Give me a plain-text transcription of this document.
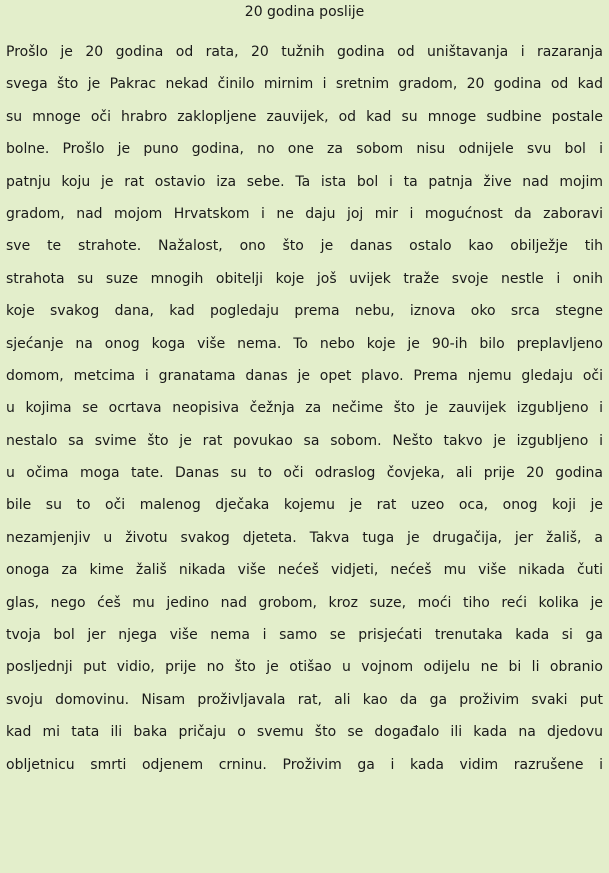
20 godina poslije
Prošlo je 20 godina od rata, 20 tužnih godina od uništavanja i razaranja
svega što je Pakrac nekad činilo mirnim i sretnim gradom, 20 godina od kad
su mnoge oči hrabro zaklopljene zauvijek, od kad su mnoge sudbine postale
bolne. Prošlo je puno godina, no one za sobom nisu odnijele svu bol i
patnju koju je rat ostavio iza sebe. Ta ista bol i ta patnja žive nad mojim
gradom, nad mojom Hrvatskom i ne daju joj mir i mogućnost da zaboravi
sve te strahote. Nažalost, ono što je danas ostalo kao obilježje tih
strahota su suze mnogih obitelji koje još uvijek traže svoje nestle i onih
koje svakog dana, kad pogledaju prema nebu, iznova oko srca stegne
sjećanje na onog koga više nema. To nebo koje je 90-ih bilo preplavljeno
domom, metcima i granatama danas je opet plavo. Prema njemu gledaju oči
u kojima se ocrtava neopisiva čežnja za nečime što je zauvijek izgubljeno i
nestalo sa svime što je rat povukao sa sobom. Nešto takvo je izgubljeno i
u očima moga tate. Danas su to oči odraslog čovjeka, ali prije 20 godina
bile su to oči malenog dječaka kojemu je rat uzeo oca, onog koji je
nezamjenjiv u životu svakog djeteta. Takva tuga je drugačija, jer žališ, a
onoga za kime žališ nikada više nećeš vidjeti, nećeš mu više nikada čuti
glas, nego ćeš mu jedino nad grobom, kroz suze, moći tiho reći kolika je
tvoja bol jer njega više nema i samo se prisjećati trenutaka kada si ga
posljednji put vidio, prije no što je otišao u vojnom odijelu ne bi li obranio
svoju domovinu. Nisam proživljavala rat, ali kao da ga proživim svaki put
kad mi tata ili baka pričaju o svemu što se događalo ili kada na djedovu
obljetnicu smrti odjenem crninu. Proživim ga i kada vidim razrušene i
